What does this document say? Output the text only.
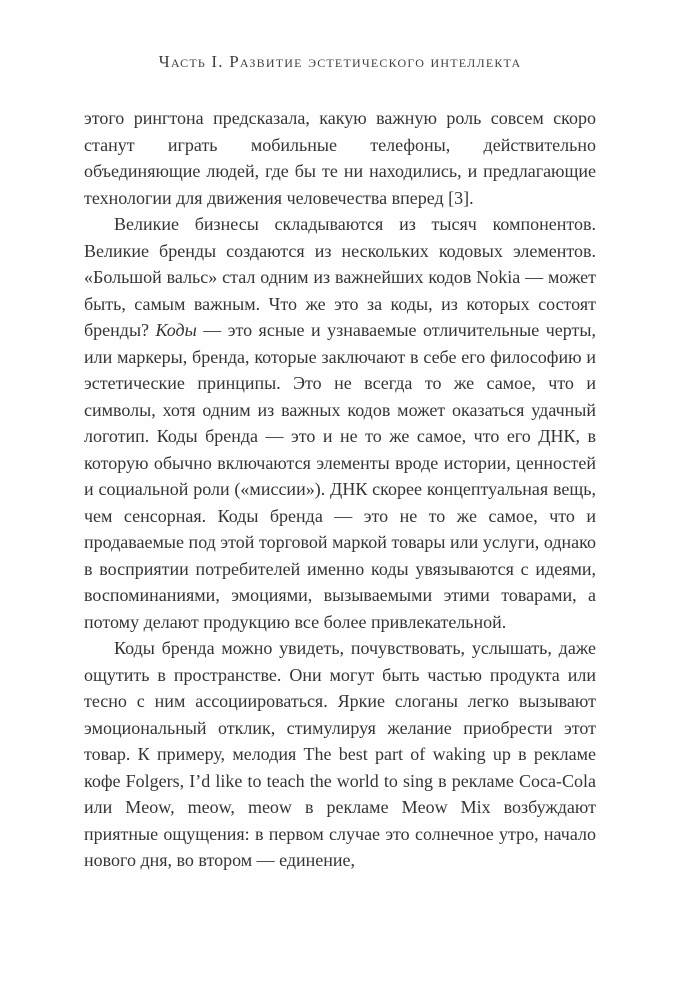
Часть I. Развитие эстетического интеллекта

этого рингтона предсказала, какую важную роль совсем скоро станут играть мобильные телефоны, действительно объединяющие людей, где бы те ни находились, и предлагающие технологии для движения человечества вперед [3].

Великие бизнесы складываются из тысяч компонентов. Великие бренды создаются из нескольких кодовых элементов. «Большой вальс» стал одним из важнейших кодов Nokia — может быть, самым важным. Что же это за коды, из которых состоят бренды? Коды — это ясные и узнаваемые отличительные черты, или маркеры, бренда, которые заключают в себе его философию и эстетические принципы. Это не всегда то же самое, что и символы, хотя одним из важных кодов может оказаться удачный логотип. Коды бренда — это и не то же самое, что его ДНК, в которую обычно включаются элементы вроде истории, ценностей и социальной роли («миссии»). ДНК скорее концептуальная вещь, чем сенсорная. Коды бренда — это не то же самое, что и продаваемые под этой торговой маркой товары или услуги, однако в восприятии потребителей именно коды увязываются с идеями, воспоминаниями, эмоциями, вызываемыми этими товарами, а потому делают продукцию все более привлекательной.

Коды бренда можно увидеть, почувствовать, услышать, даже ощутить в пространстве. Они могут быть частью продукта или тесно с ним ассоциироваться. Яркие слоганы легко вызывают эмоциональный отклик, стимулируя желание приобрести этот товар. К примеру, мелодия The best part of waking up в рекламе кофе Folgers, I’d like to teach the world to sing в рекламе Coca-Cola или Meow, meow, meow в рекламе Meow Mix возбуждают приятные ощущения: в первом случае это солнечное утро, начало нового дня, во втором — единение,
